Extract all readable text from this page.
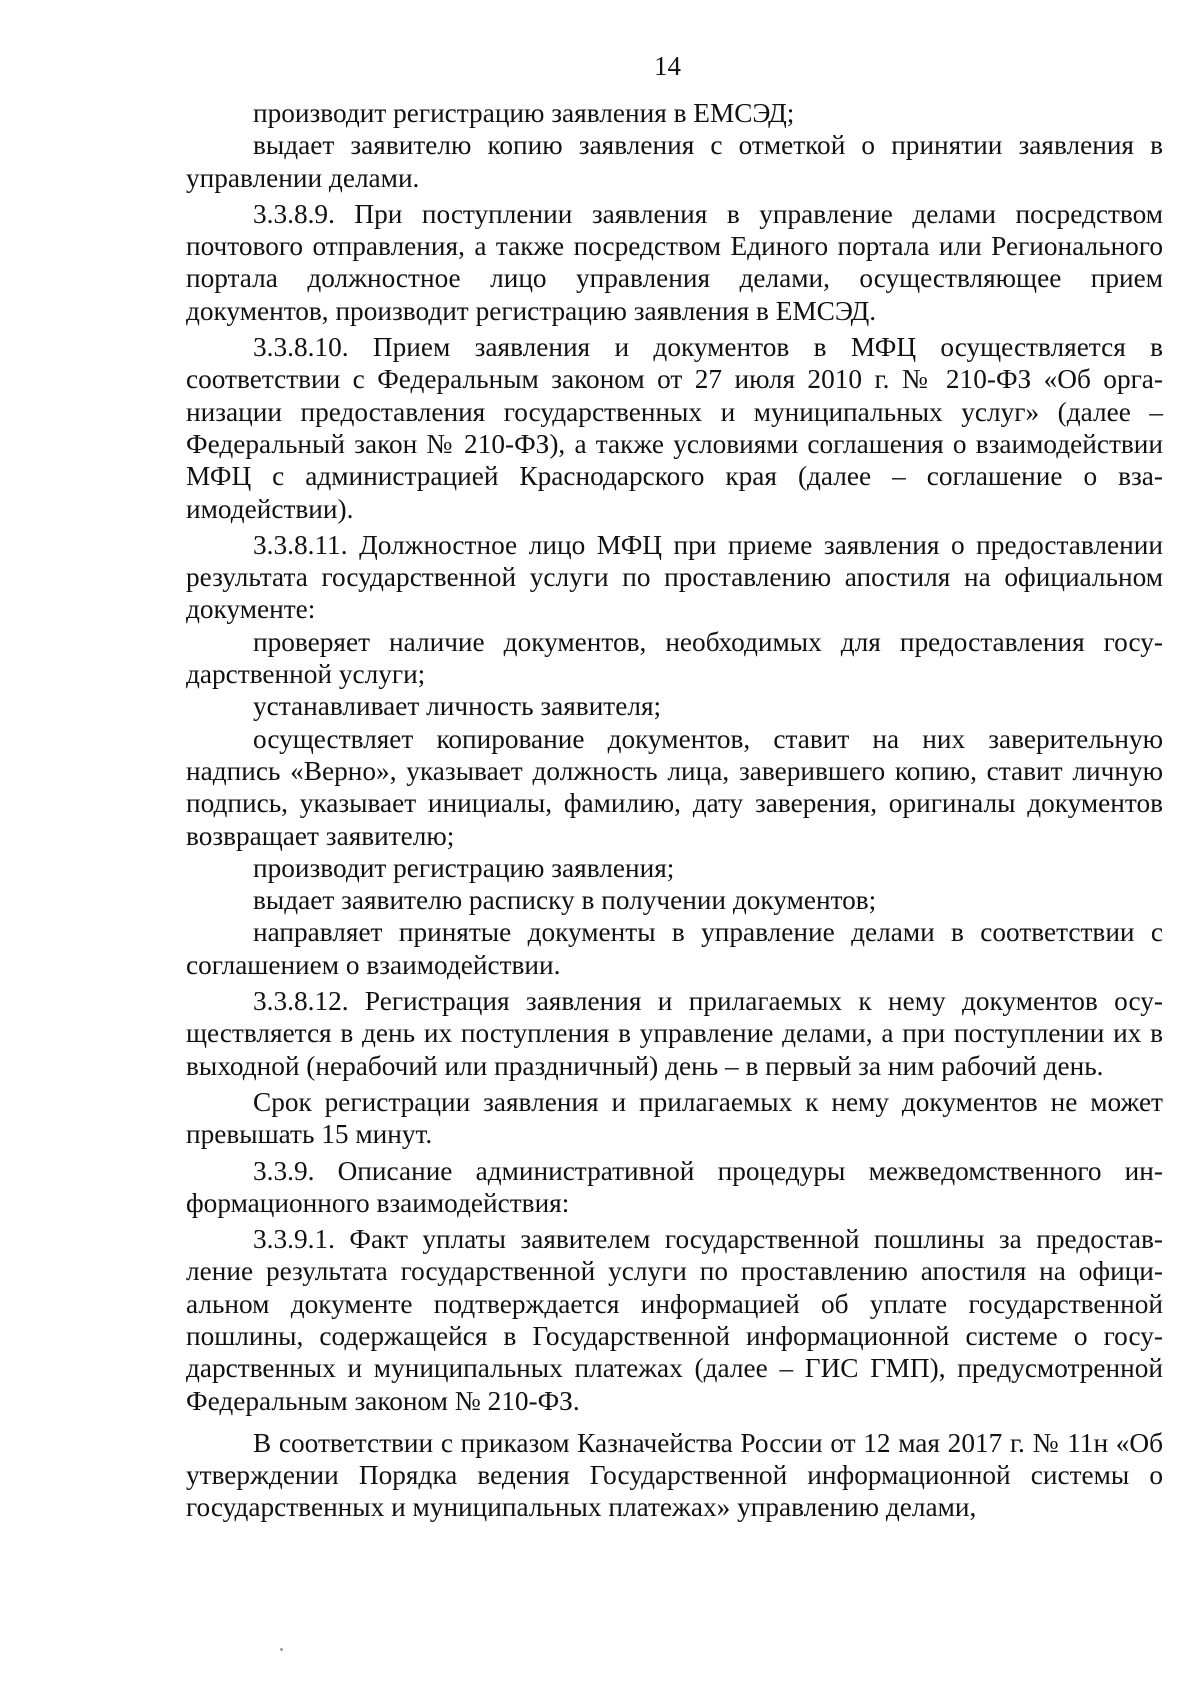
14

производит регистрацию заявления в ЕМСЭД;

выдает заявителю копию заявления с отметкой о принятии заявления в управлении делами.

3.3.8.9. При поступлении заявления в управление делами посредством почтового отправления, а также посредством Единого портала или Регионального портала должностное лицо управления делами, осуществляющее прием документов, производит регистрацию заявления в ЕМСЭД.

3.3.8.10. Прием заявления и документов в МФЦ осуществляется в соответствии с Федеральным законом от 27 июля 2010 г. № 210-ФЗ «Об организации предоставления государственных и муниципальных услуг» (далее – Федеральный закон № 210-ФЗ), а также условиями соглашения о взаимодействии МФЦ с администрацией Краснодарского края (далее – соглашение о взаимодействии).

3.3.8.11. Должностное лицо МФЦ при приеме заявления о предоставлении результата государственной услуги по проставлению апостиля на официальном документе:

проверяет наличие документов, необходимых для предоставления государственной услуги;

устанавливает личность заявителя;

осуществляет копирование документов, ставит на них заверительную надпись «Верно», указывает должность лица, заверившего копию, ставит личную подпись, указывает инициалы, фамилию, дату заверения, оригиналы документов возвращает заявителю;

производит регистрацию заявления;

выдает заявителю расписку в получении документов;

направляет принятые документы в управление делами в соответствии с соглашением о взаимодействии.

3.3.8.12. Регистрация заявления и прилагаемых к нему документов осуществляется в день их поступления в управление делами, а при поступлении их в выходной (нерабочий или праздничный) день – в первый за ним рабочий день.

Срок регистрации заявления и прилагаемых к нему документов не может превышать 15 минут.

3.3.9. Описание административной процедуры межведомственного информационного взаимодействия:

3.3.9.1. Факт уплаты заявителем государственной пошлины за предоставление результата государственной услуги по проставлению апостиля на официальном документе подтверждается информацией об уплате государственной пошлины, содержащейся в Государственной информационной системе о государственных и муниципальных платежах (далее – ГИС ГМП), предусмотренной Федеральным законом № 210-ФЗ.

В соответствии с приказом Казначейства России от 12 мая 2017 г. № 11н «Об утверждении Порядка ведения Государственной информационной системы о государственных и муниципальных платежах» управлению делами,
